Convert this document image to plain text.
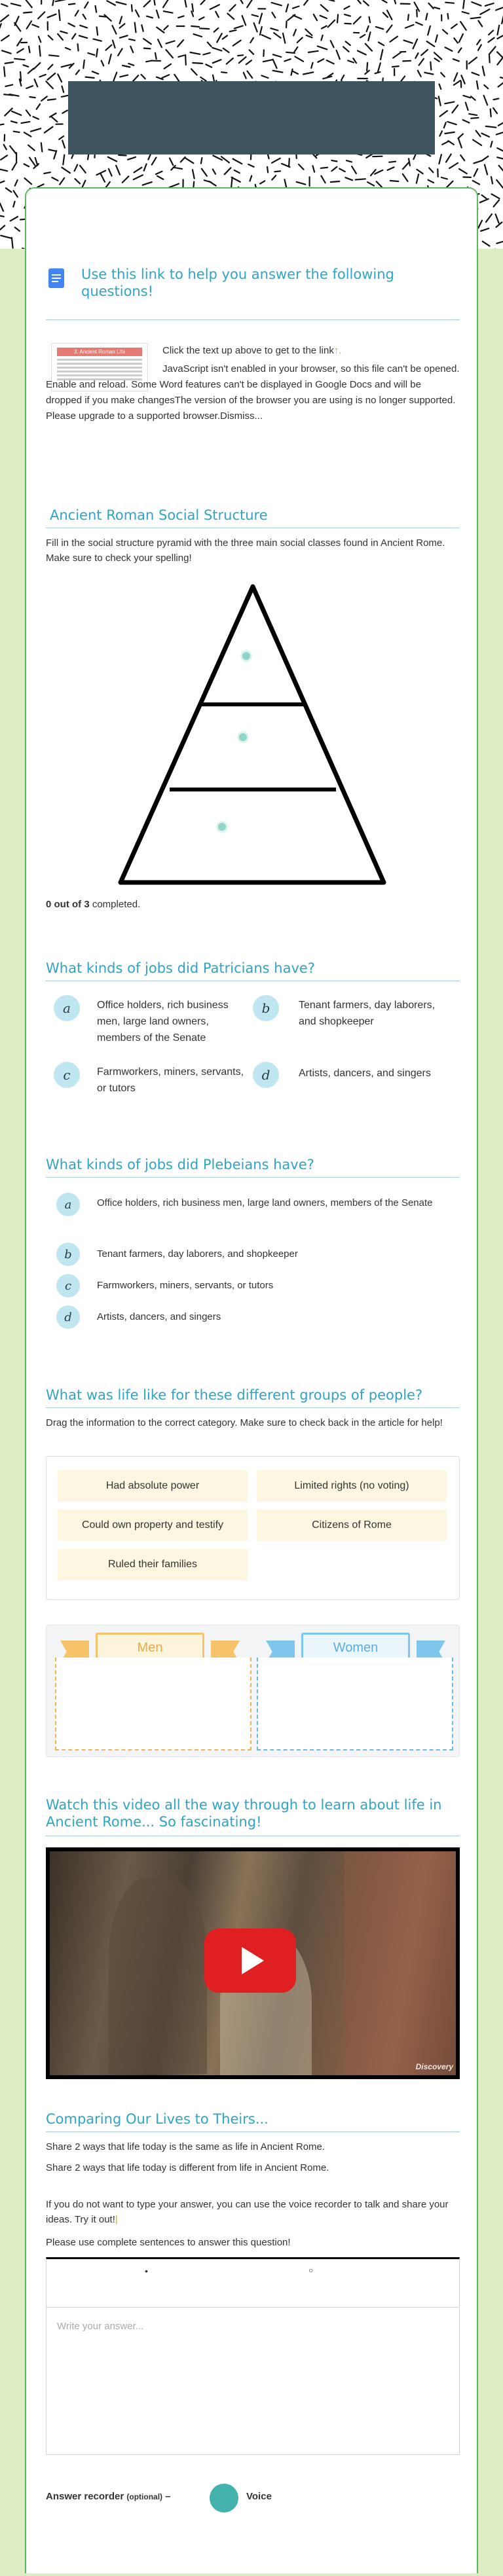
Use this link to help you answer the following questions!
3. Ancient Roman Life	Click the text up above to get to the link↑.
JavaScript isn't enabled in your browser, so this file can't be opened. Enable and reload. Some Word features can't be displayed in Google Docs and will be dropped if you make changesThe version of the browser you are using is no longer supported. Please upgrade to a supported browser.Dismiss...
Ancient Roman Social Structure
Fill in the social structure pyramid with the three main social classes found in Ancient Rome. Make sure to check your spelling!
0 out of 3 completed.
What kinds of jobs did Patricians have?
a	Office holders, rich business men, large land owners, members of the Senate
b	Tenant farmers, day laborers, and shopkeeper
c	Farmworkers, miners, servants, or tutors
d	Artists, dancers, and singers
What kinds of jobs did Plebeians have?
a	Office holders, rich business men, large land owners, members of the Senate
b	Tenant farmers, day laborers, and shopkeeper
c	Farmworkers, miners, servants, or tutors
d	Artists, dancers, and singers
What was life like for these different groups of people?
Drag the information to the correct category. Make sure to check back in the article for help!
Had absolute power	Limited rights (no voting)
Could own property and testify	Citizens of Rome
Ruled their families
Men	Women
Watch this video all the way through to learn about life in Ancient Rome... So fascinating!
Discovery
Comparing Our Lives to Theirs...
Share 2 ways that life today is the same as life in Ancient Rome.
Share 2 ways that life today is different from life in Ancient Rome.
If you do not want to type your answer, you can use the voice recorder to talk and share your ideas. Try it out!|
Please use complete sentences to answer this question!
•	○
Write your answer...
Answer recorder (optional) –	Voice
